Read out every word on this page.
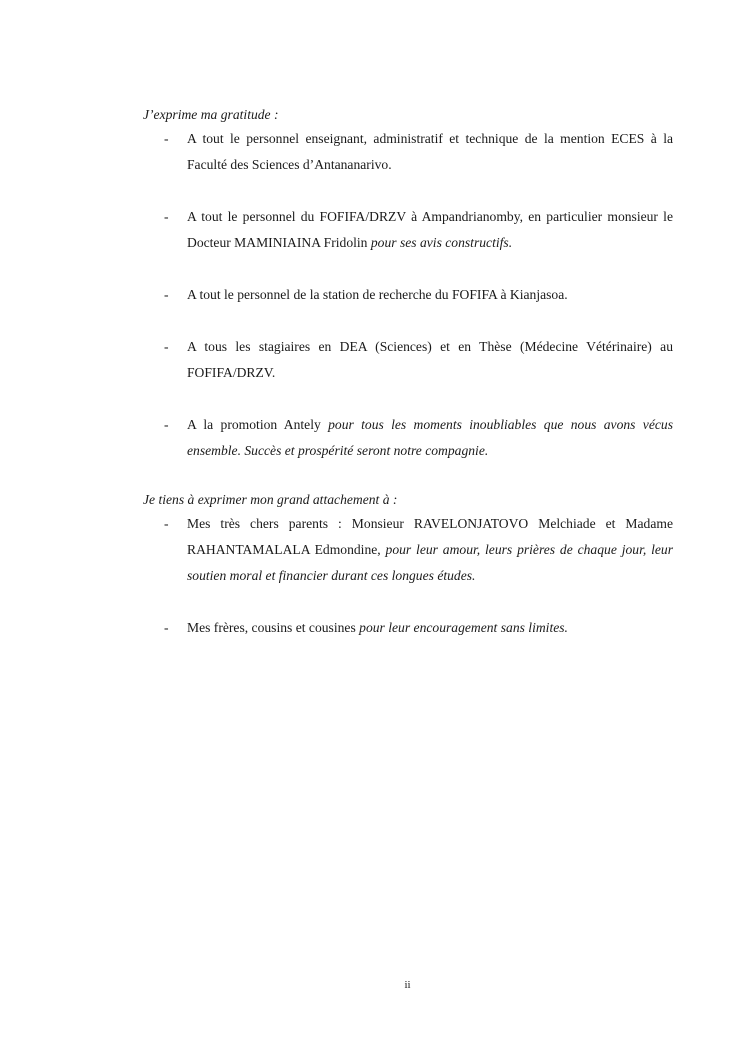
J’exprime ma gratitude :

- A tout le personnel enseignant, administratif et technique de la mention ECES à la Faculté des Sciences d’Antananarivo.
- A tout le personnel du FOFIFA/DRZV à Ampandrianomby, en particulier monsieur le Docteur MAMINIAINA Fridolin pour ses avis constructifs.
- A tout le personnel de la station de recherche du FOFIFA à Kianjasoa.
- A tous les stagiaires en DEA (Sciences) et en Thèse (Médecine Vétérinaire) au FOFIFA/DRZV.
- A la promotion Antely pour tous les moments inoubliables que nous avons vécus ensemble. Succès et prospérité seront notre compagnie.

Je tiens à exprimer mon grand attachement à :

- Mes très chers parents : Monsieur RAVELONJATOVO Melchiade et Madame RAHANTAMALALA Edmondine, pour leur amour, leurs prières de chaque jour, leur soutien moral et financier durant ces longues études.
- Mes frères, cousins et cousines pour leur encouragement sans limites.
ii
